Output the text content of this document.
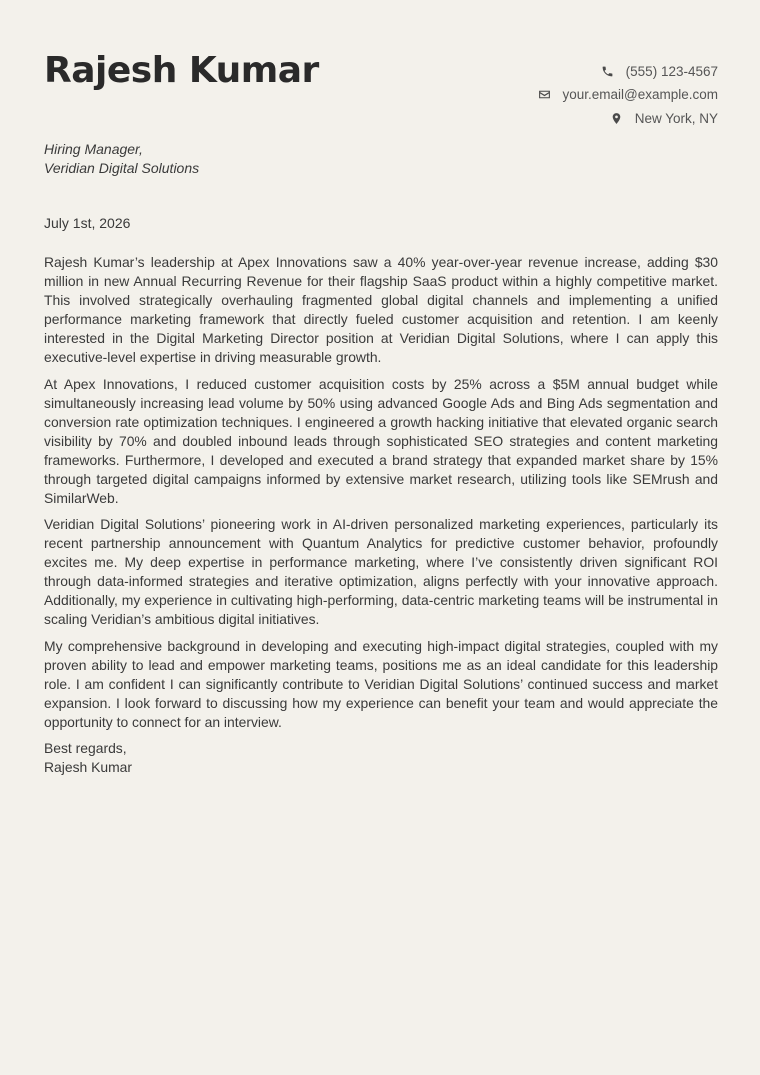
Rajesh Kumar	(555) 123-4567
your.email@example.com
New York, NY
Hiring Manager,
Veridian Digital Solutions
July 1st, 2026

Rajesh Kumar’s leadership at Apex Innovations saw a 40% year-over-year revenue increase, adding $30 million in new Annual Recurring Revenue for their flagship SaaS product within a highly competitive market. This involved strategically overhauling fragmented global digital channels and implementing a unified performance marketing framework that directly fueled customer acquisition and retention. I am keenly interested in the Digital Marketing Director position at Veridian Digital Solutions, where I can apply this executive-level expertise in driving measurable growth.

At Apex Innovations, I reduced customer acquisition costs by 25% across a $5M annual budget while simultaneously increasing lead volume by 50% using advanced Google Ads and Bing Ads segmentation and conversion rate optimization techniques. I engineered a growth hacking initiative that elevated organic search visibility by 70% and doubled inbound leads through sophisticated SEO strategies and content marketing frameworks. Furthermore, I developed and executed a brand strategy that expanded market share by 15% through targeted digital campaigns informed by extensive market research, utilizing tools like SEMrush and SimilarWeb.

Veridian Digital Solutions’ pioneering work in AI-driven personalized marketing experiences, particularly its recent partnership announcement with Quantum Analytics for predictive customer behavior, profoundly excites me. My deep expertise in performance marketing, where I’ve consistently driven significant ROI through data-informed strategies and iterative optimization, aligns perfectly with your innovative approach. Additionally, my experience in cultivating high-performing, data-centric marketing teams will be instrumental in scaling Veridian’s ambitious digital initiatives.

My comprehensive background in developing and executing high-impact digital strategies, coupled with my proven ability to lead and empower marketing teams, positions me as an ideal candidate for this leadership role. I am confident I can significantly contribute to Veridian Digital Solutions’ continued success and market expansion. I look forward to discussing how my experience can benefit your team and would appreciate the opportunity to connect for an interview.

Best regards,
Rajesh Kumar
